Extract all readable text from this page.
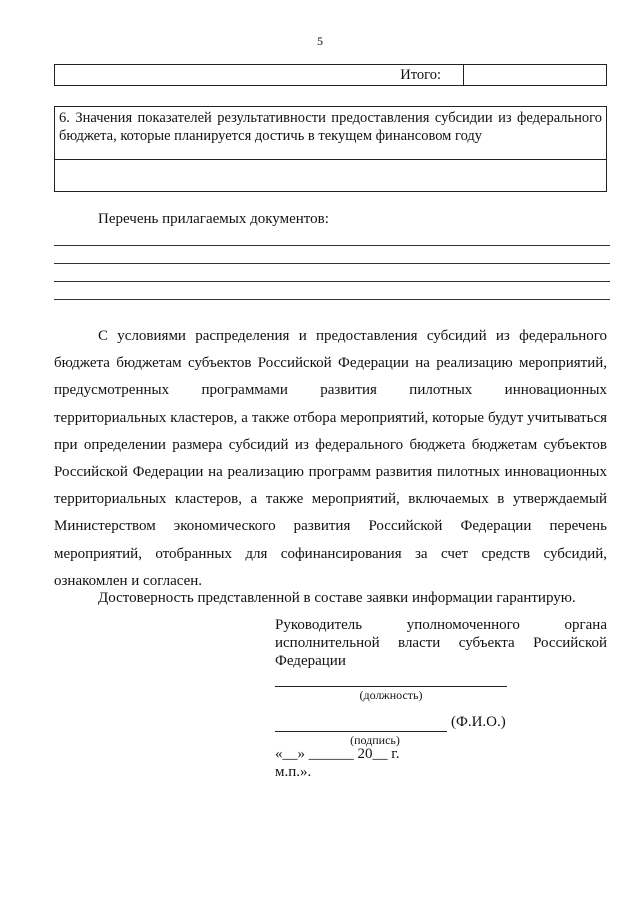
5
Итого:
6. Значения показателей результативности предоставления субсидии из федерального бюджета, которые планируется достичь в текущем финансовом году
Перечень прилагаемых документов:

С условиями распределения и предоставления субсидий из федерального бюджета бюджетам субъектов Российской Федерации на реализацию мероприятий, предусмотренных программами развития пилотных инновационных территориальных кластеров, а также отбора мероприятий, которые будут учитываться при определении размера субсидий из федерального бюджета бюджетам субъектов Российской Федерации на реализацию программ развития пилотных инновационных территориальных кластеров, а также мероприятий, включаемых в утверждаемый Министерством экономического развития Российской Федерации перечень мероприятий, отобранных для софинансирования за счет средств субсидий, ознакомлен и согласен.

Достоверность представленной в составе заявки информации гарантирую.
Руководитель уполномоченного органа исполнительной власти субъекта Российской
Федерации
(должность)
(Ф.И.О.)
(подпись)
«__» ______ 20__ г.
м.п.».
